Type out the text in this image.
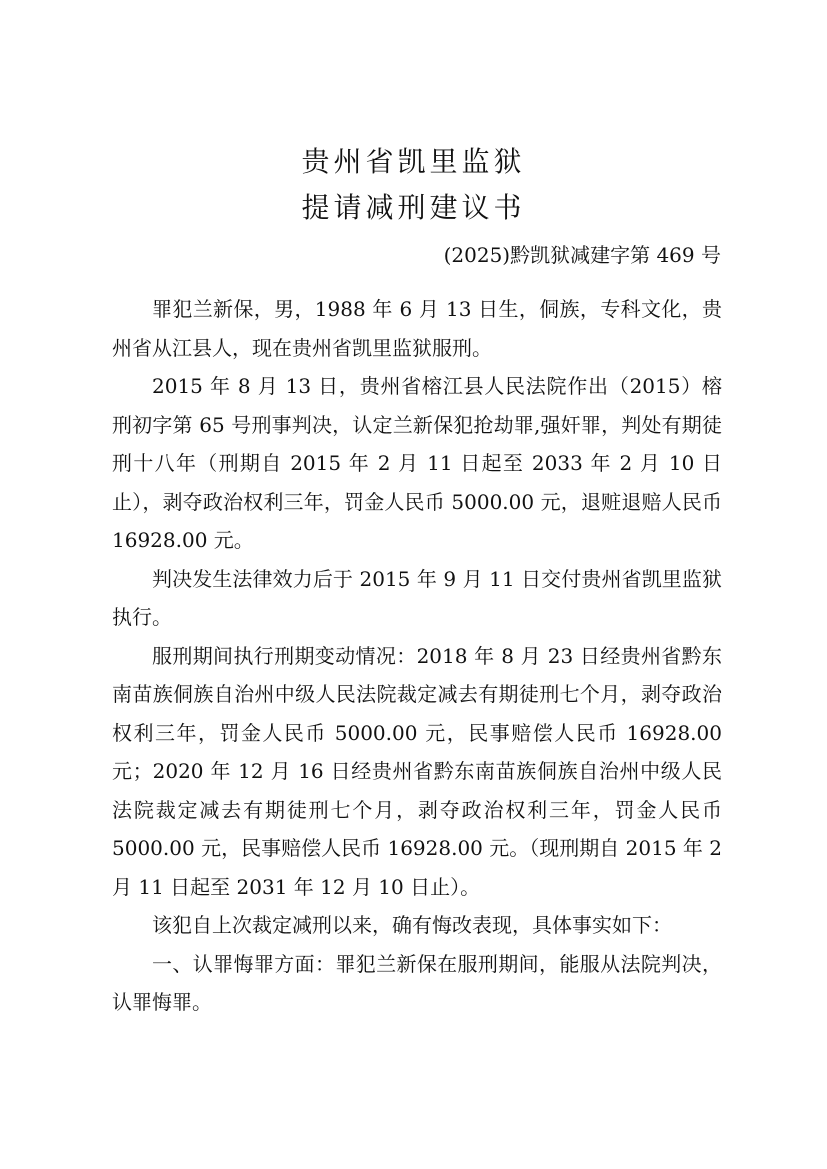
贵州省凯里监狱
提请减刑建议书
(2025)黔凯狱减建字第 469 号

罪犯兰新保，男，1988 年 6 月 13 日生，侗族，专科文化，贵州省从江县人，现在贵州省凯里监狱服刑。

2015 年 8 月 13 日，贵州省榕江县人民法院作出（2015）榕刑初字第 65 号刑事判决，认定兰新保犯抢劫罪,强奸罪，判处有期徒刑十八年（刑期自 2015 年 2 月 11 日起至 2033 年 2 月 10 日止），剥夺政治权利三年，罚金人民币 5000.00 元，退赃退赔人民币 16928.00 元。

判决发生法律效力后于 2015 年 9 月 11 日交付贵州省凯里监狱执行。

服刑期间执行刑期变动情况：2018 年 8 月 23 日经贵州省黔东南苗族侗族自治州中级人民法院裁定减去有期徒刑七个月，剥夺政治权利三年，罚金人民币 5000.00 元，民事赔偿人民币 16928.00 元；2020 年 12 月 16 日经贵州省黔东南苗族侗族自治州中级人民法院裁定减去有期徒刑七个月，剥夺政治权利三年，罚金人民币 5000.00 元，民事赔偿人民币 16928.00 元。（现刑期自 2015 年 2 月 11 日起至 2031 年 12 月 10 日止）。

该犯自上次裁定减刑以来，确有悔改表现，具体事实如下：

一、认罪悔罪方面：罪犯兰新保在服刑期间，能服从法院判决，认罪悔罪。
